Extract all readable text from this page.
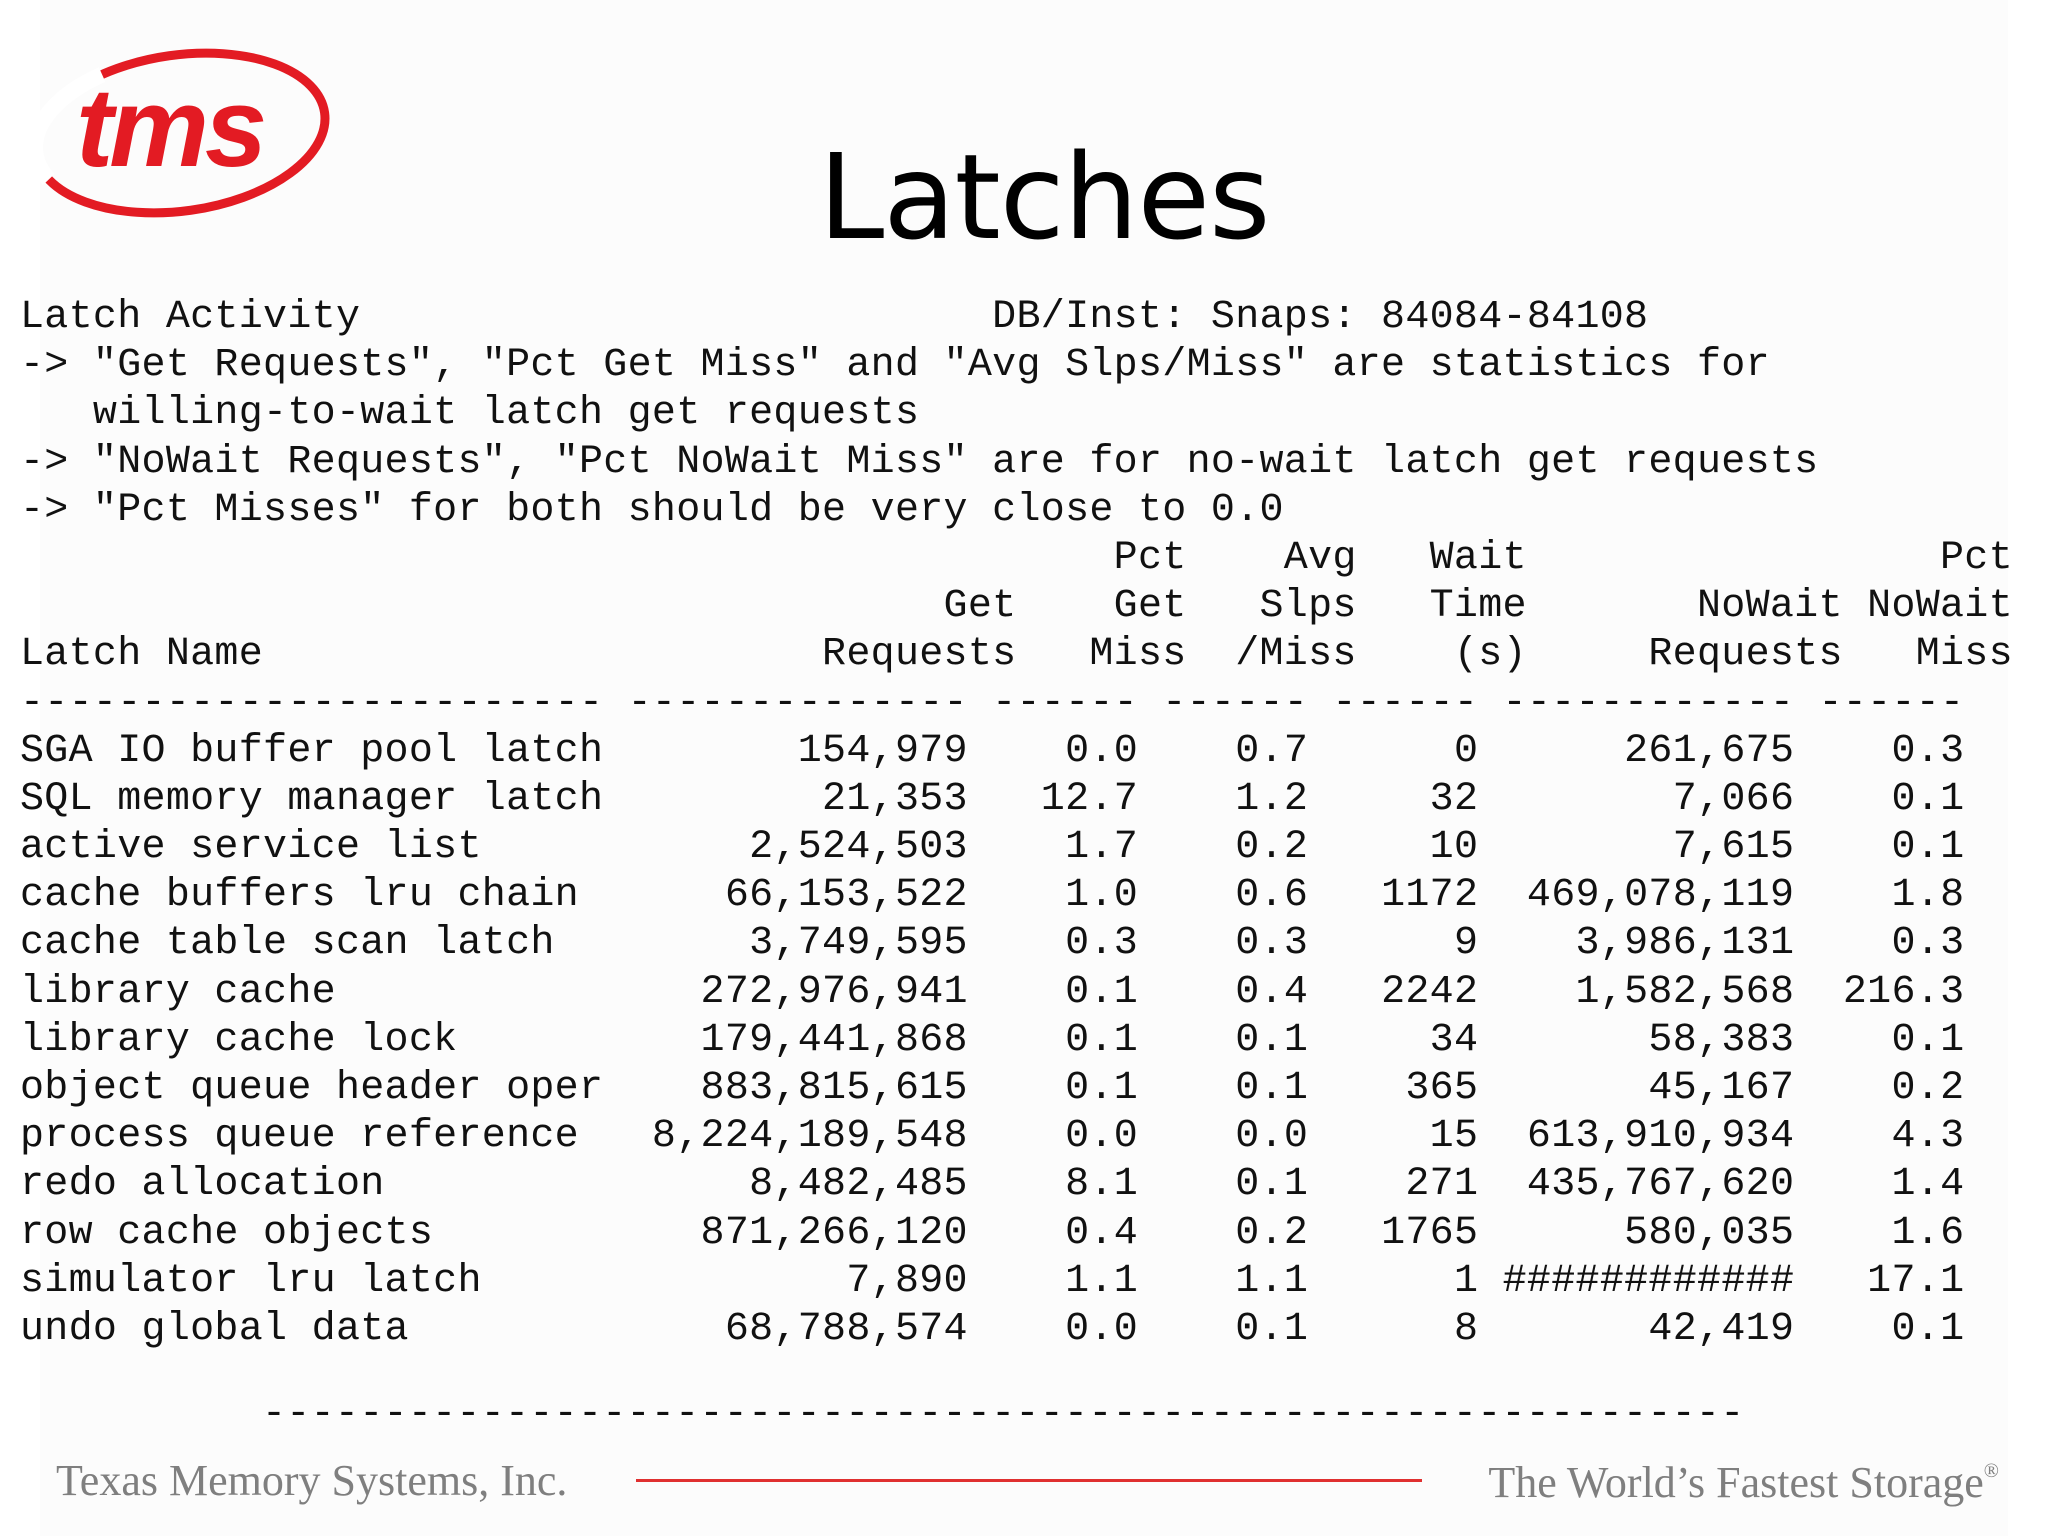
tms
Latches
Latch Activity                          DB/Inst: Snaps: 84084-84108
-> "Get Requests", "Pct Get Miss" and "Avg Slps/Miss" are statistics for
willing-to-wait latch get requests
-> "NoWait Requests", "Pct NoWait Miss" are for no-wait latch get requests
-> "Pct Misses" for both should be very close to 0.0
Pct    Avg   Wait                 Pct
Get    Get   Slps   Time       NoWait NoWait
Latch Name                       Requests   Miss  /Miss    (s)     Requests   Miss
------------------------ -------------- ------ ------ ------ ------------ ------
SGA IO buffer pool latch        154,979    0.0    0.7      0      261,675    0.3
SQL memory manager latch         21,353   12.7    1.2     32        7,066    0.1
active service list           2,524,503    1.7    0.2     10        7,615    0.1
cache buffers lru chain      66,153,522    1.0    0.6   1172  469,078,119    1.8
cache table scan latch        3,749,595    0.3    0.3      9    3,986,131    0.3
library cache               272,976,941    0.1    0.4   2242    1,582,568  216.3
library cache lock          179,441,868    0.1    0.1     34       58,383    0.1
object queue header oper    883,815,615    0.1    0.1    365       45,167    0.2
process queue reference   8,224,189,548    0.0    0.0     15  613,910,934    4.3
redo allocation               8,482,485    8.1    0.1    271  435,767,620    1.4
row cache objects           871,266,120    0.4    0.2   1765      580,035    1.6
simulator lru latch               7,890    1.1    1.1      1 ############   17.1
undo global data             68,788,574    0.0    0.1      8       42,419    0.1
-------------------------------------------------------------
Texas Memory Systems, Inc.	The World’s Fastest Storage®
